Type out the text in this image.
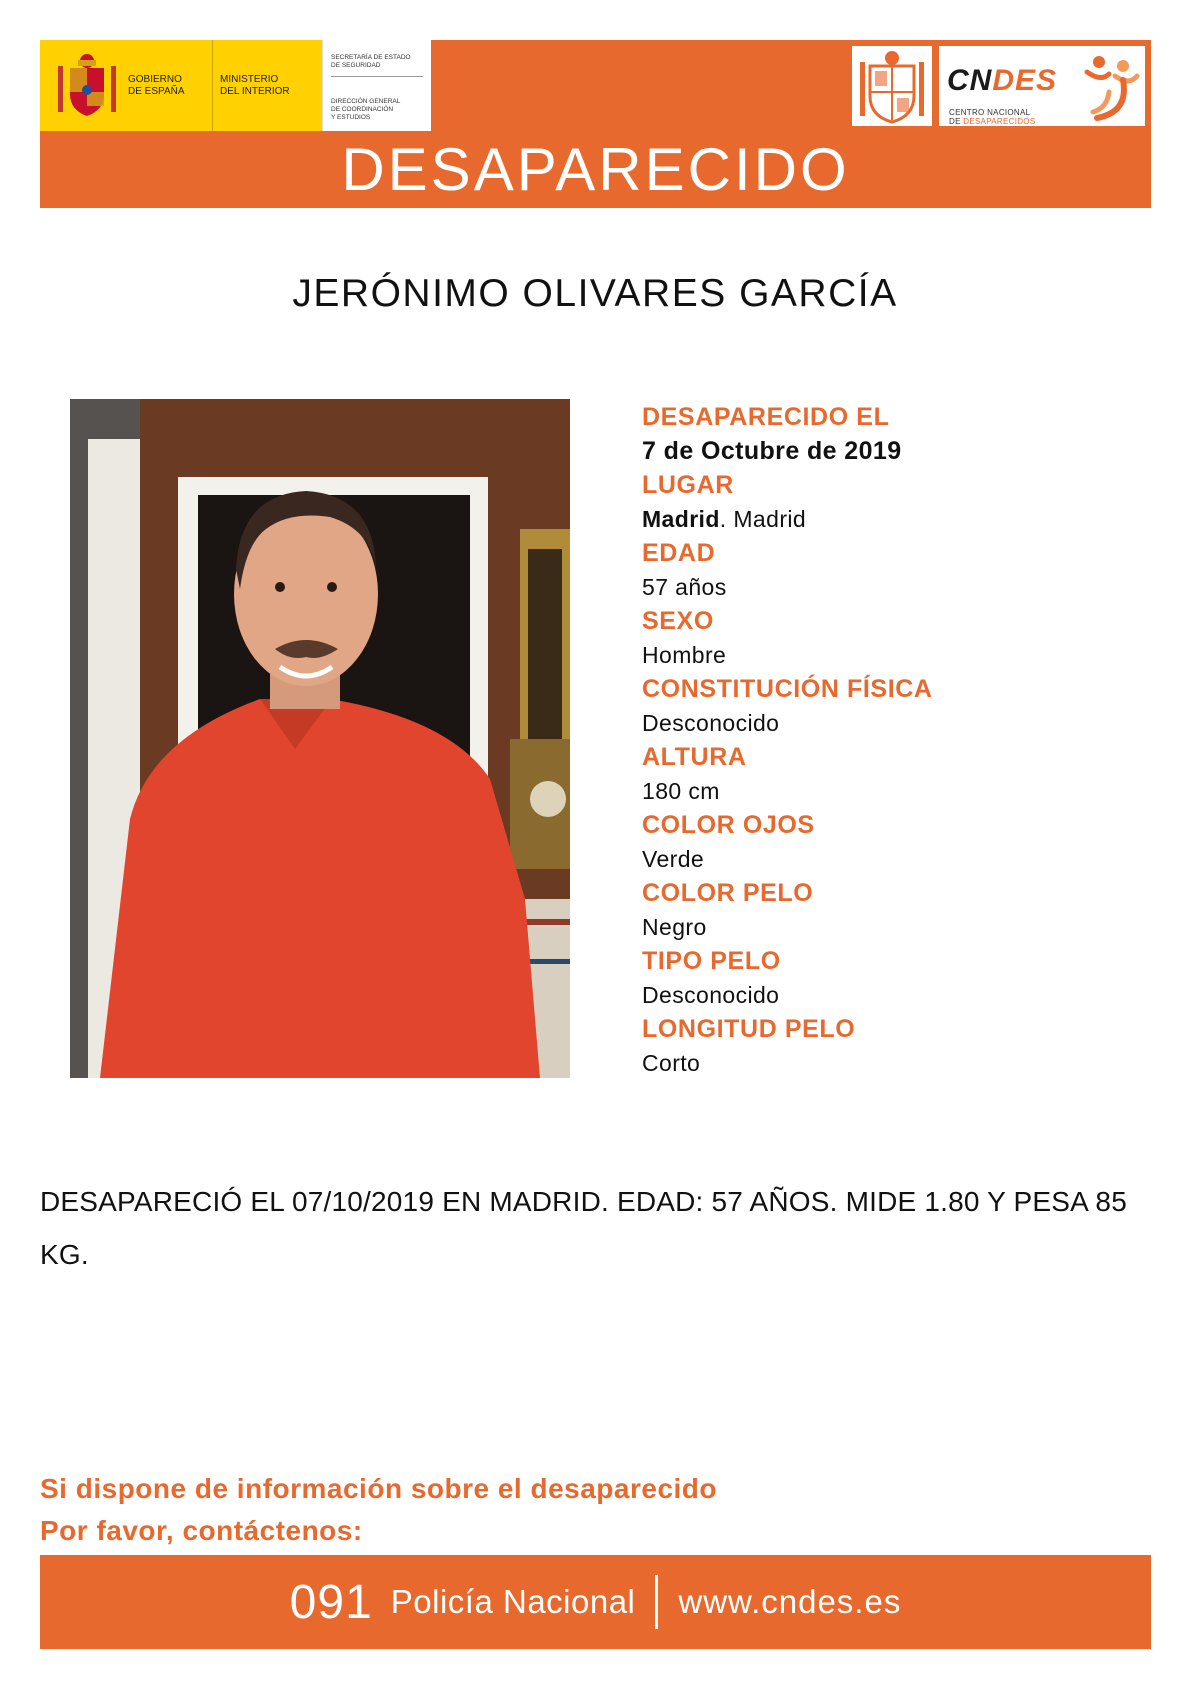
GOBIERNO
DE ESPAÑA
MINISTERIO
DEL INTERIOR
SECRETARÍA DE ESTADO
DE SEGURIDAD
DIRECCIÓN GENERAL
DE COORDINACIÓN
Y ESTUDIOS
CNDES
CENTRO NACIONAL
DE DESAPARECIDOS
DESAPARECIDO
JERÓNIMO OLIVARES GARCÍA
DESAPARECIDO EL
7 de Octubre de 2019
LUGAR
Madrid. Madrid
EDAD
57 años
SEXO
Hombre
CONSTITUCIÓN FÍSICA
Desconocido
ALTURA
180 cm
COLOR OJOS
Verde
COLOR PELO
Negro
TIPO PELO
Desconocido
LONGITUD PELO
Corto
DESAPARECIÓ EL 07/10/2019 EN MADRID. EDAD: 57 AÑOS. MIDE 1.80 Y PESA 85 KG.
Si dispone de información sobre el desaparecido
Por favor, contáctenos:
091 Policía Nacional www.cndes.es
